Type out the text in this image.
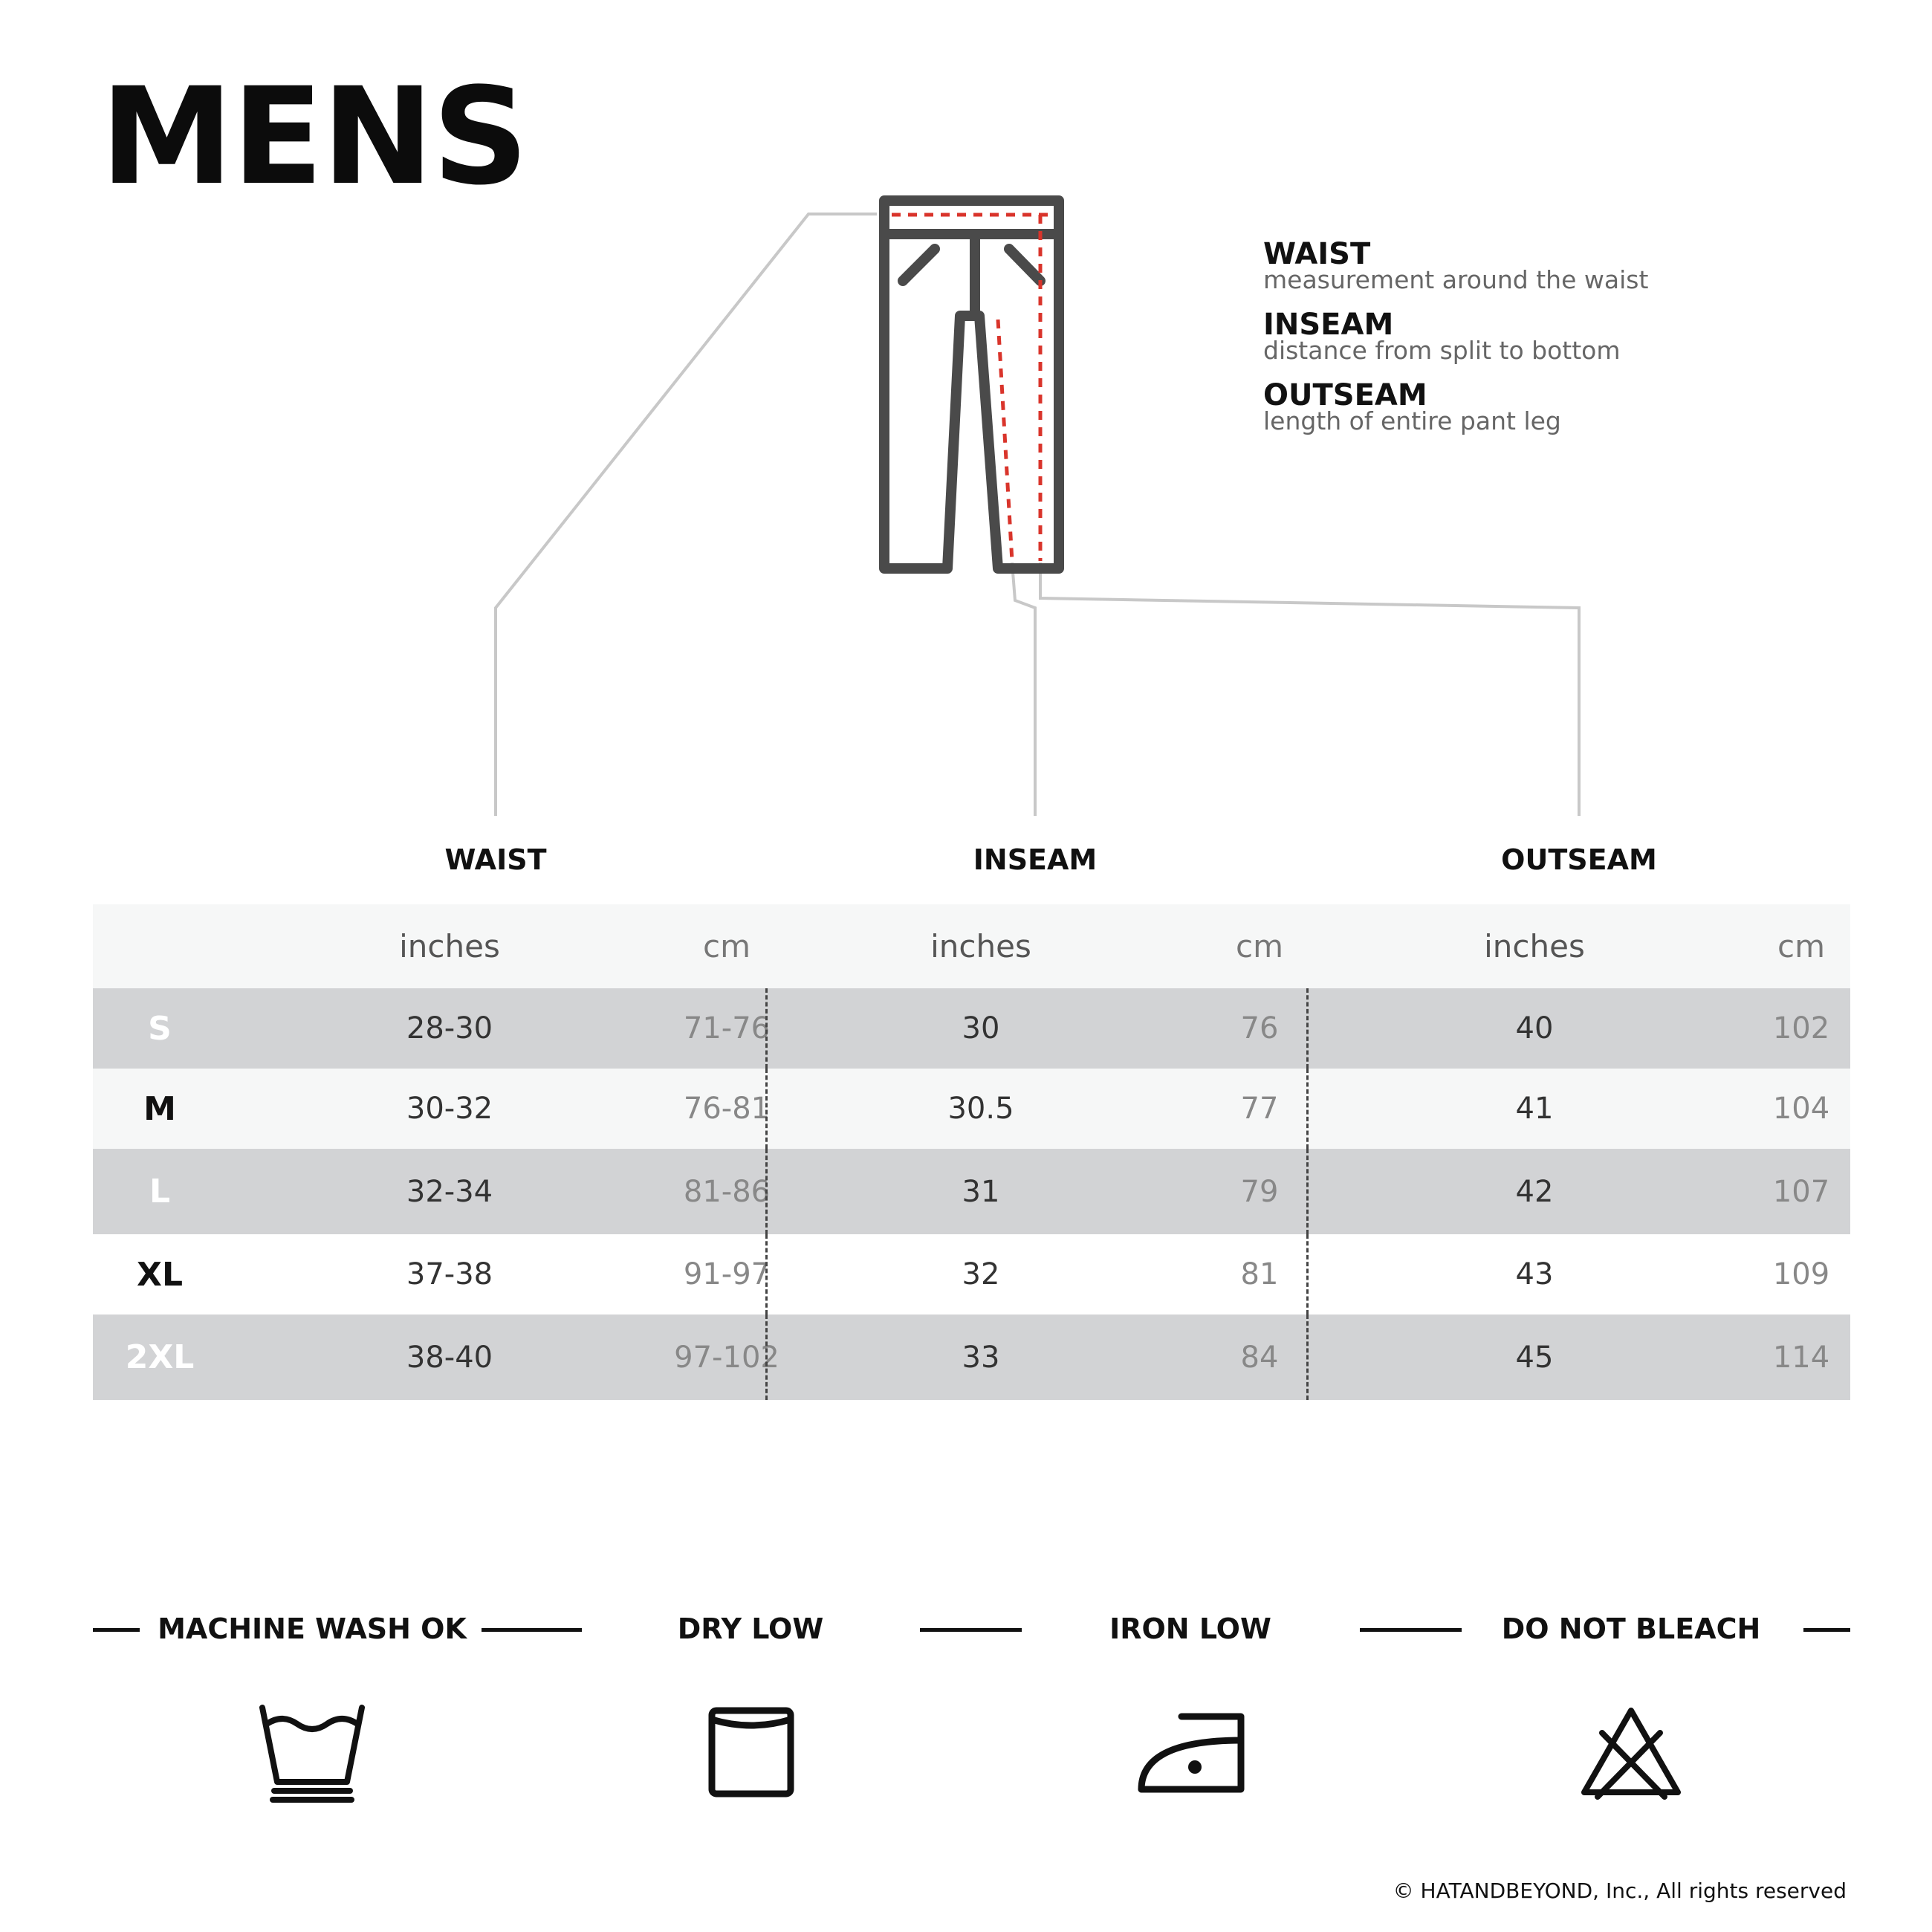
MENS
WAIST
measurement around the waist
INSEAM
distance from split to bottom
OUTSEAM
length of entire pant leg
WAIST	INSEAM	OUTSEAM
inches	cm	inches	cm	inches	cm
S	28-30	71-76	30	76	40	102
M	30-32	76-81	30.5	77	41	104
L	32-34	81-86	31	79	42	107
XL	37-38	91-97	32	81	43	109
2XL	38-40	97-102	33	84	45	114
MACHINE WASH OK	DRY LOW	IRON LOW	DO NOT BLEACH
© HATANDBEYOND, Inc., All rights reserved
